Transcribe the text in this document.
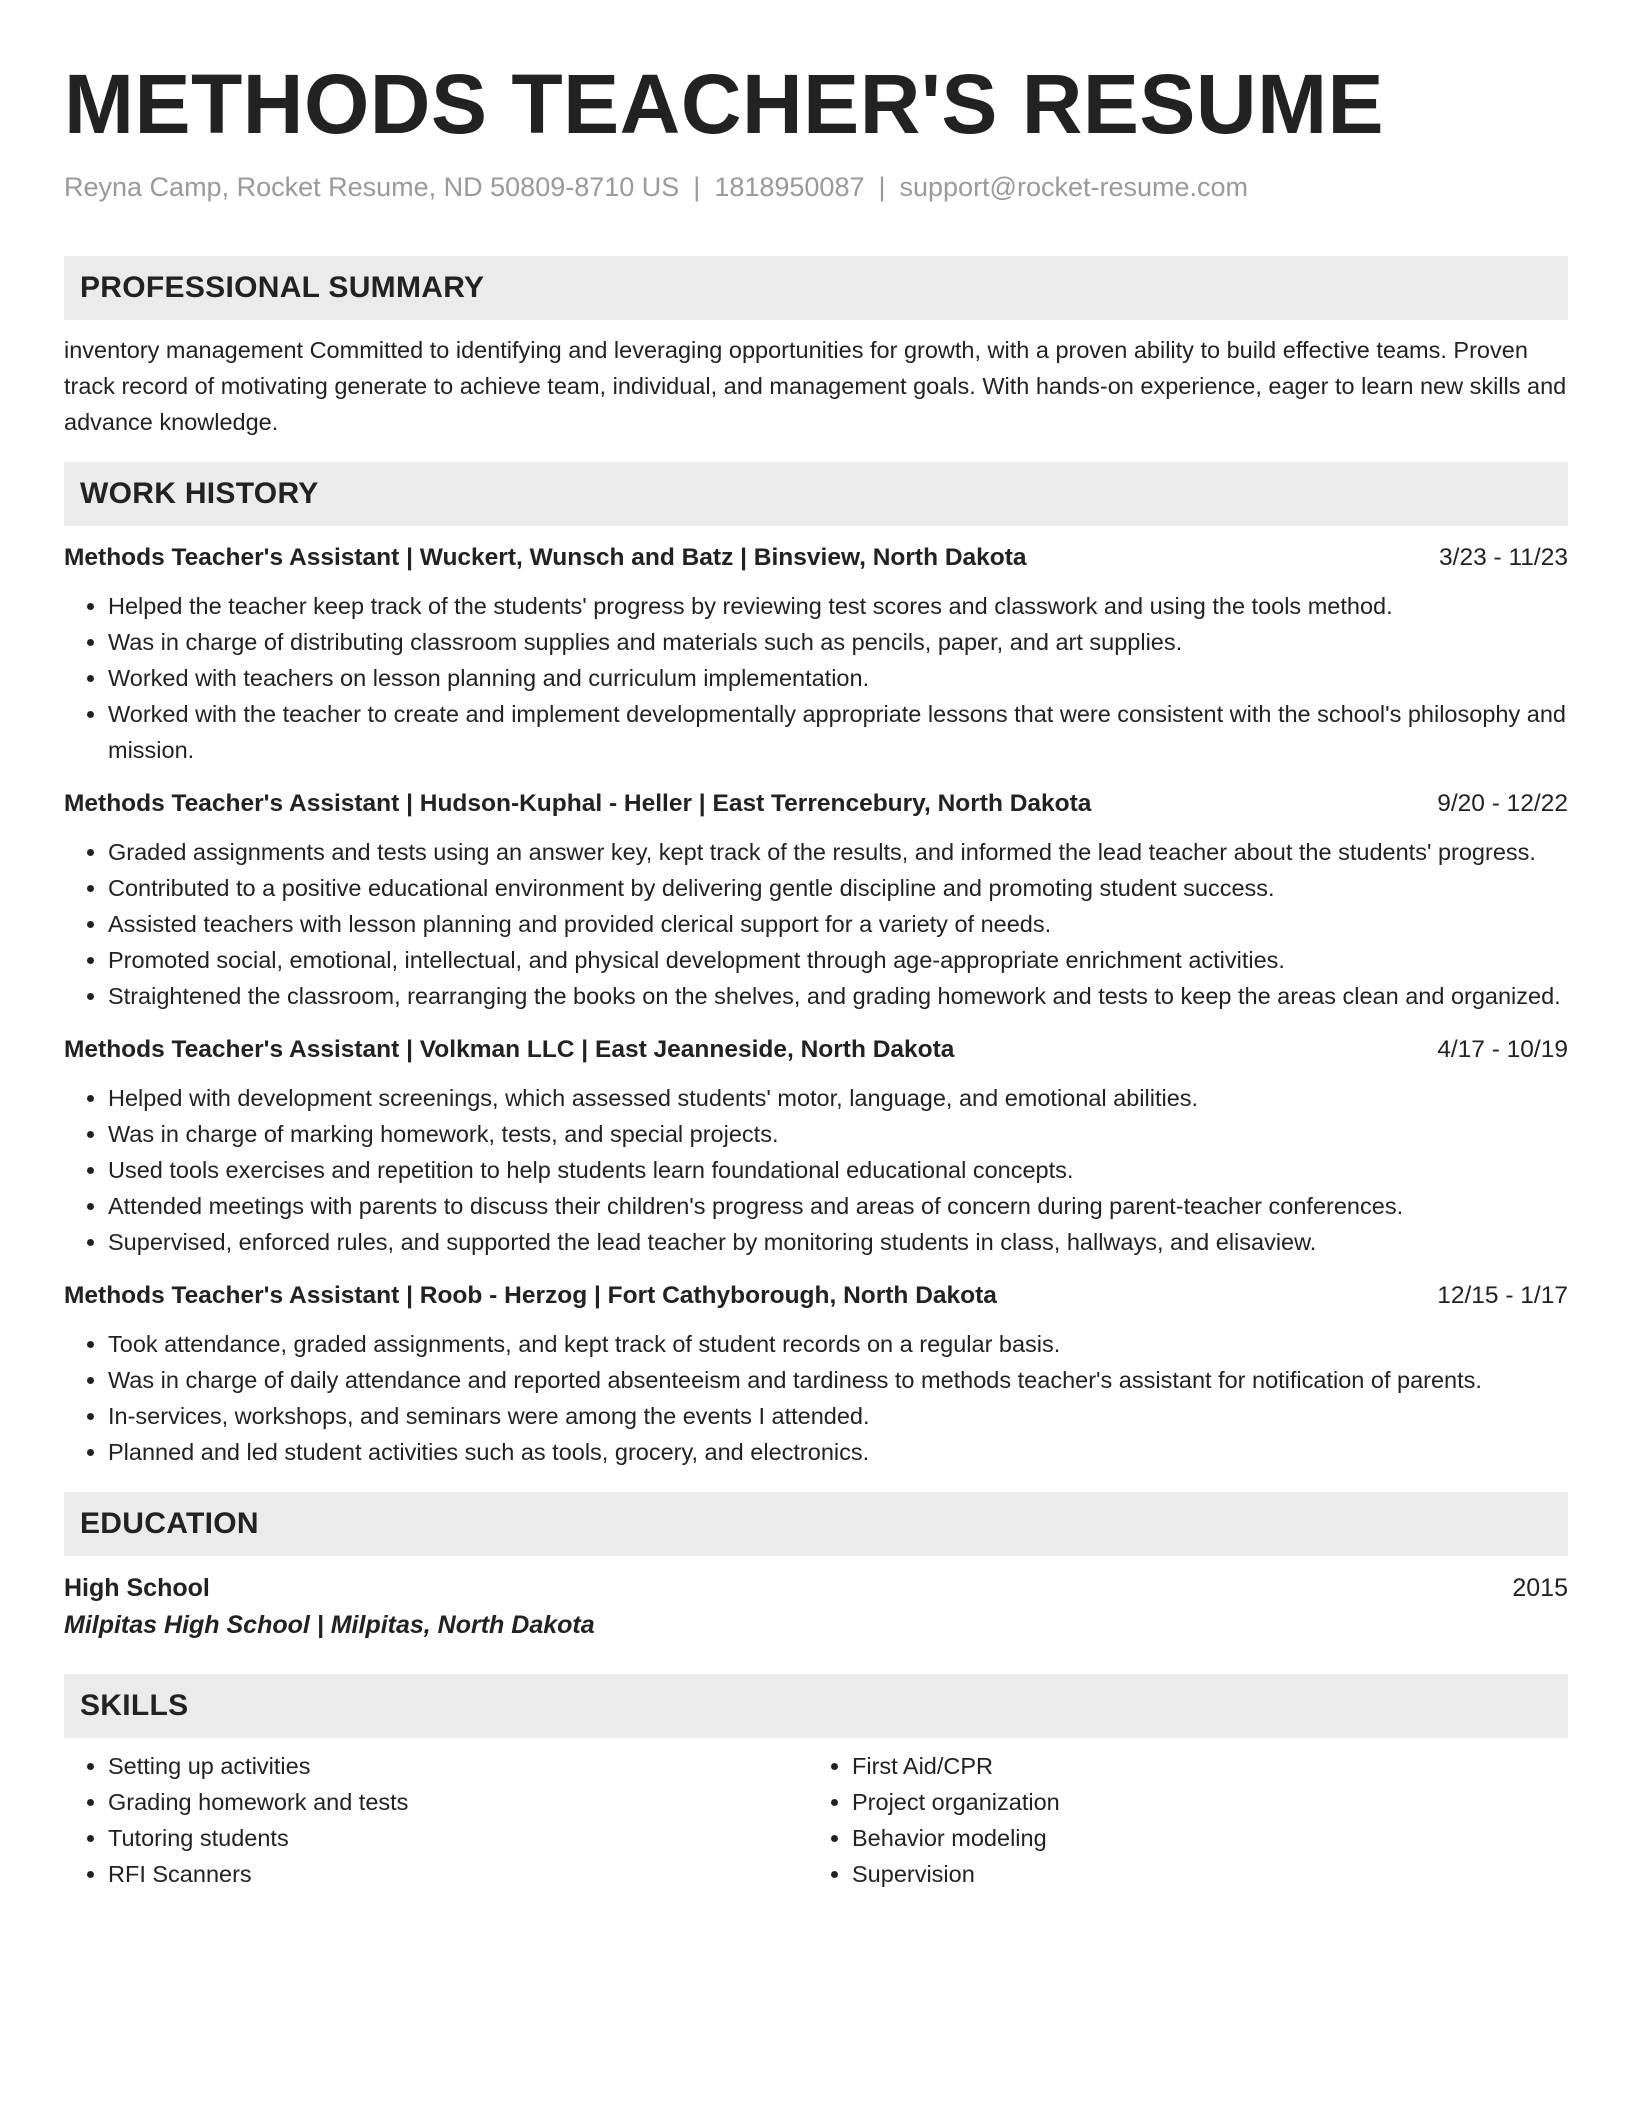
METHODS TEACHER'S RESUME
Reyna Camp, Rocket Resume, ND 50809-8710 US | 1818950087 | support@rocket-resume.com
PROFESSIONAL SUMMARY

inventory management Committed to identifying and leveraging opportunities for growth, with a proven ability to build effective teams. Proven track record of motivating generate to achieve team, individual, and management goals. With hands-on experience, eager to learn new skills and advance knowledge.

WORK HISTORY
Methods Teacher's Assistant | Wuckert, Wunsch and Batz | Binsview, North Dakota	3/23 - 11/23
• Helped the teacher keep track of the students' progress by reviewing test scores and classwork and using the tools method.
• Was in charge of distributing classroom supplies and materials such as pencils, paper, and art supplies.
• Worked with teachers on lesson planning and curriculum implementation.
• Worked with the teacher to create and implement developmentally appropriate lessons that were consistent with the school's philosophy and mission.
Methods Teacher's Assistant | Hudson-Kuphal - Heller | East Terrencebury, North Dakota	9/20 - 12/22
• Graded assignments and tests using an answer key, kept track of the results, and informed the lead teacher about the students' progress.
• Contributed to a positive educational environment by delivering gentle discipline and promoting student success.
• Assisted teachers with lesson planning and provided clerical support for a variety of needs.
• Promoted social, emotional, intellectual, and physical development through age-appropriate enrichment activities.
• Straightened the classroom, rearranging the books on the shelves, and grading homework and tests to keep the areas clean and organized.
Methods Teacher's Assistant | Volkman LLC | East Jeanneside, North Dakota	4/17 - 10/19
• Helped with development screenings, which assessed students' motor, language, and emotional abilities.
• Was in charge of marking homework, tests, and special projects.
• Used tools exercises and repetition to help students learn foundational educational concepts.
• Attended meetings with parents to discuss their children's progress and areas of concern during parent-teacher conferences.
• Supervised, enforced rules, and supported the lead teacher by monitoring students in class, hallways, and elisaview.
Methods Teacher's Assistant | Roob - Herzog | Fort Cathyborough, North Dakota	12/15 - 1/17
• Took attendance, graded assignments, and kept track of student records on a regular basis.
• Was in charge of daily attendance and reported absenteeism and tardiness to methods teacher's assistant for notification of parents.
• In-services, workshops, and seminars were among the events I attended.
• Planned and led student activities such as tools, grocery, and electronics.
EDUCATION
High School	2015
Milpitas High School | Milpitas, North Dakota
SKILLS
• Setting up activities
• Grading homework and tests
• Tutoring students
• RFI Scanners
• First Aid/CPR
• Project organization
• Behavior modeling
• Supervision
